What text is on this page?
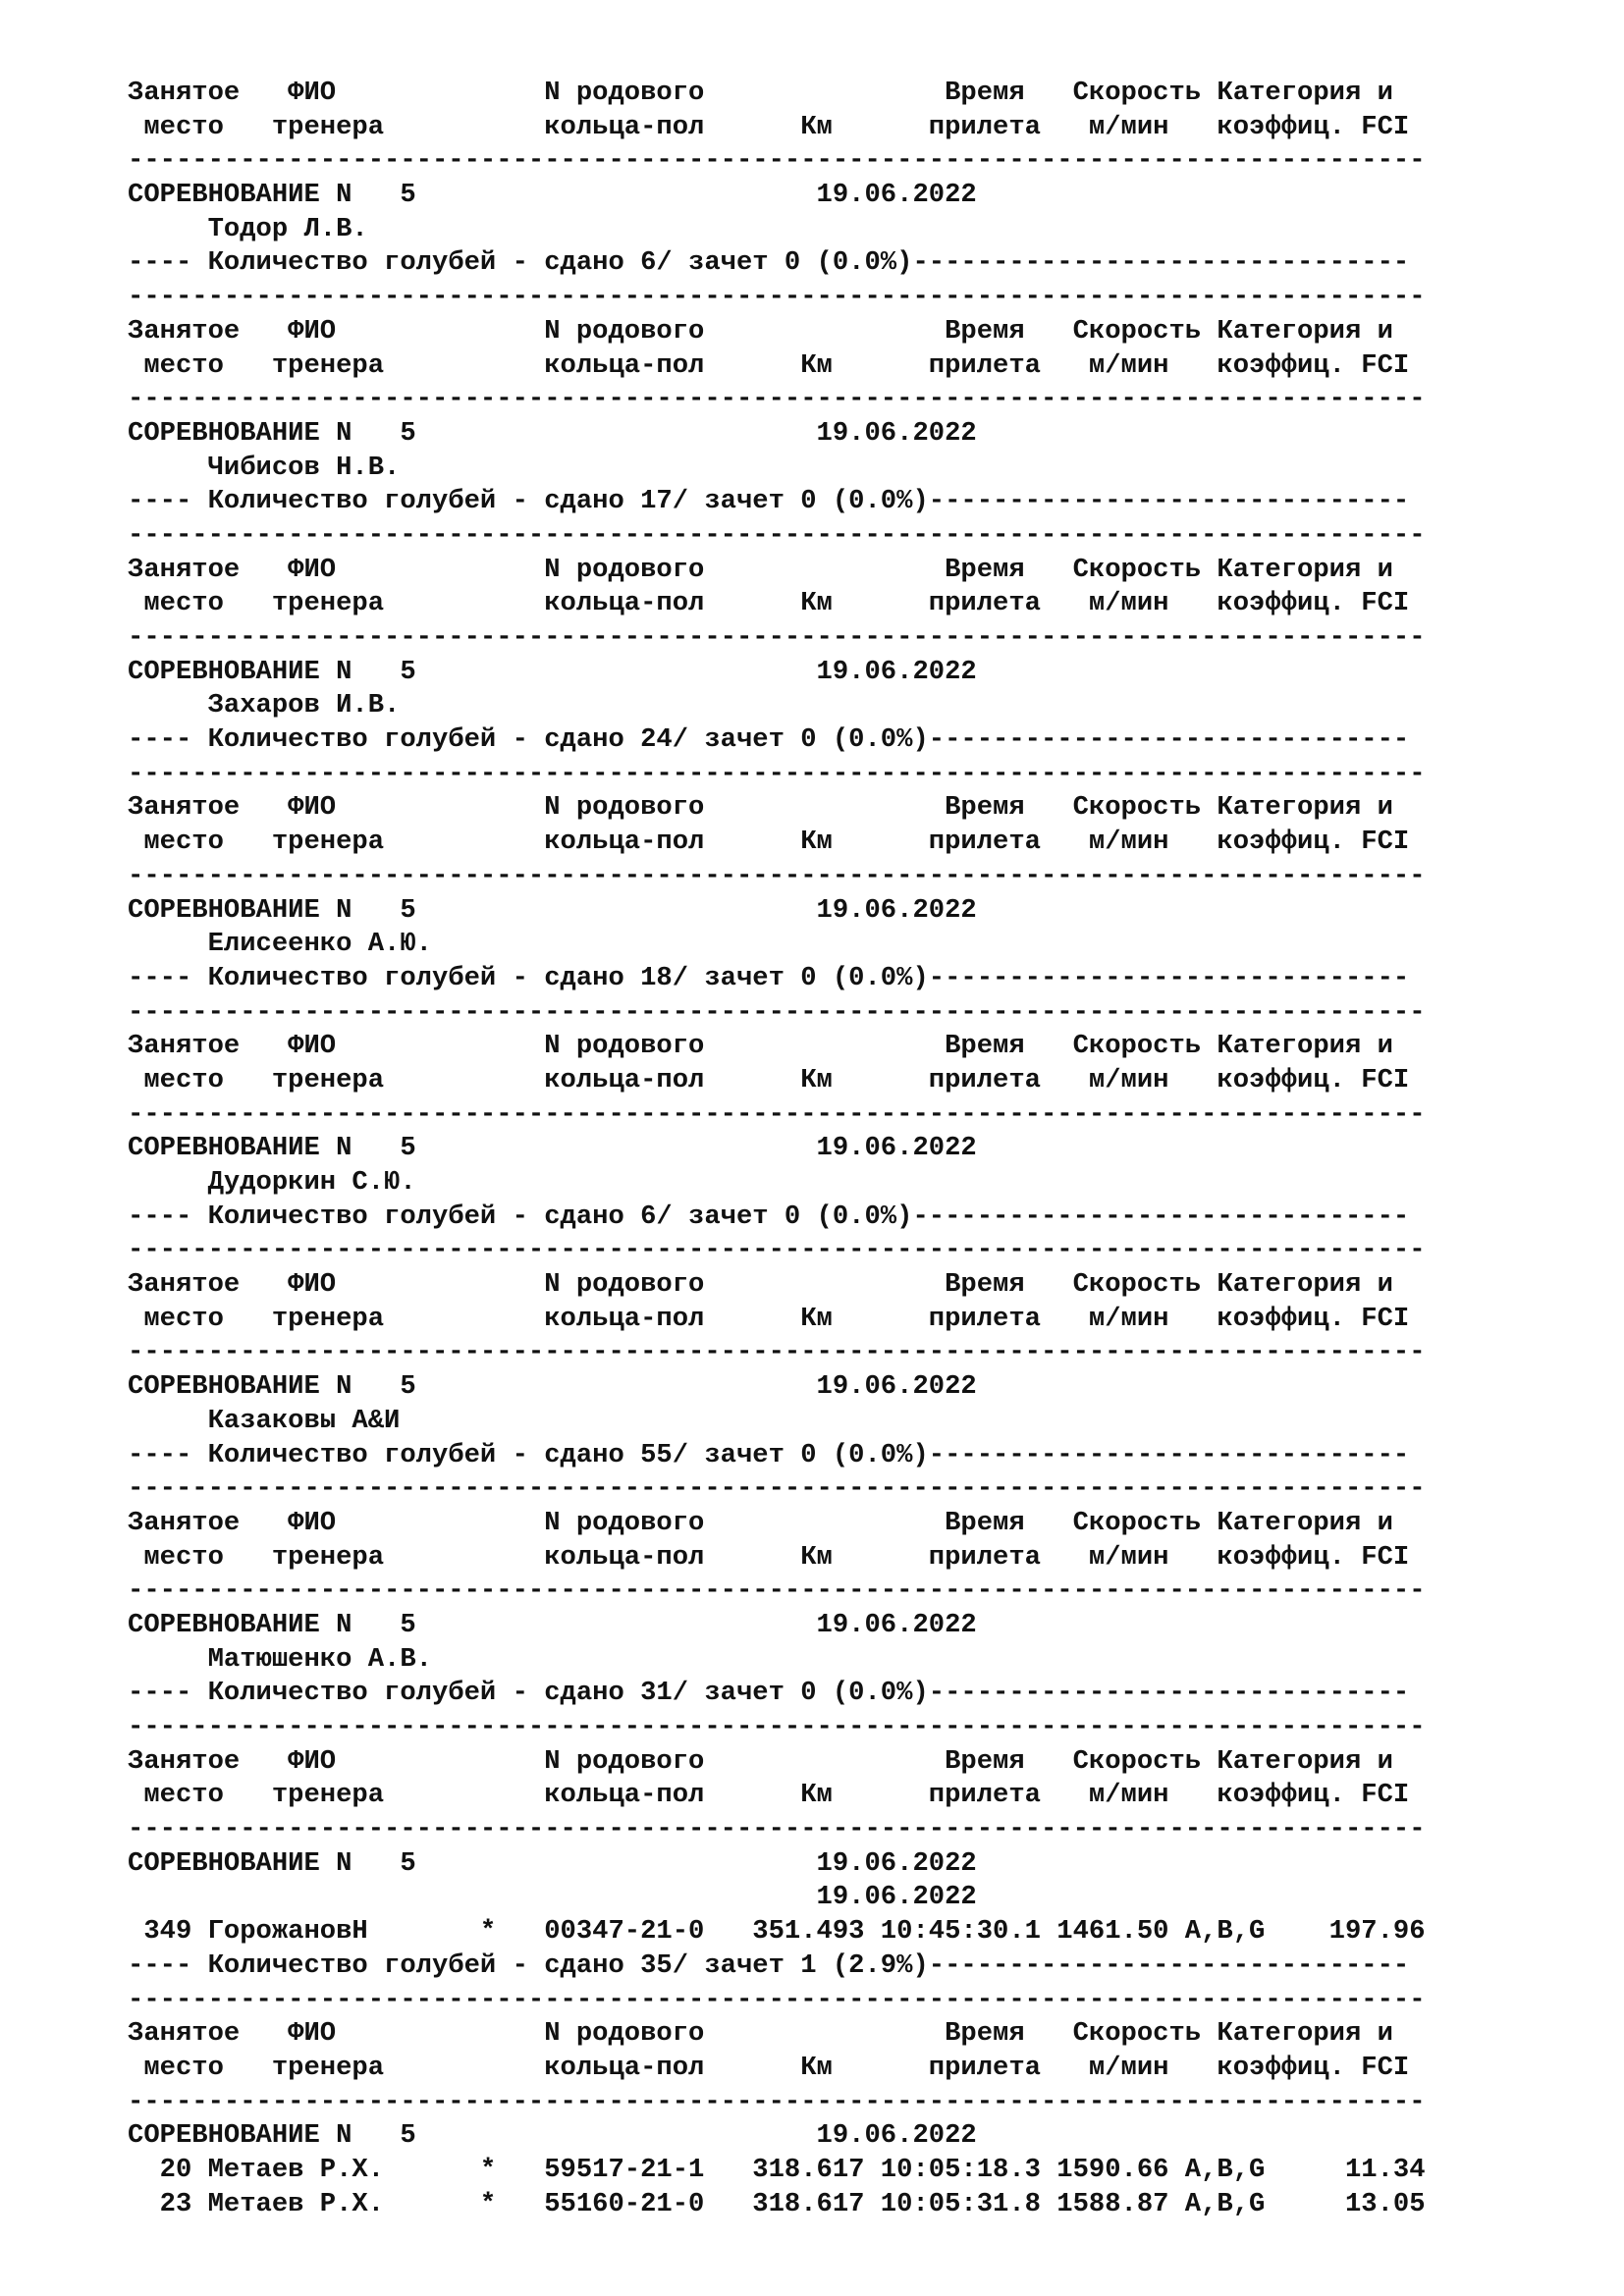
Занятое   ФИО             N родового               Время   Скорость Категория и
место   тренера          кольца-пол      Км      прилета   м/мин   коэффиц. FCI
---------------------------------------------------------------------------------
СОРЕВНОВАНИЕ N   5                         19.06.2022
Тодор Л.В.
---- Количество голубей - сдано 6/ зачет 0 (0.0%)-------------------------------
---------------------------------------------------------------------------------
Занятое   ФИО             N родового               Время   Скорость Категория и
место   тренера          кольца-пол      Км      прилета   м/мин   коэффиц. FCI
---------------------------------------------------------------------------------
СОРЕВНОВАНИЕ N   5                         19.06.2022
Чибисов Н.В.
---- Количество голубей - сдано 17/ зачет 0 (0.0%)------------------------------
---------------------------------------------------------------------------------
Занятое   ФИО             N родового               Время   Скорость Категория и
место   тренера          кольца-пол      Км      прилета   м/мин   коэффиц. FCI
---------------------------------------------------------------------------------
СОРЕВНОВАНИЕ N   5                         19.06.2022
Захаров И.В.
---- Количество голубей - сдано 24/ зачет 0 (0.0%)------------------------------
---------------------------------------------------------------------------------
Занятое   ФИО             N родового               Время   Скорость Категория и
место   тренера          кольца-пол      Км      прилета   м/мин   коэффиц. FCI
---------------------------------------------------------------------------------
СОРЕВНОВАНИЕ N   5                         19.06.2022
Елисеенко А.Ю.
---- Количество голубей - сдано 18/ зачет 0 (0.0%)------------------------------
---------------------------------------------------------------------------------
Занятое   ФИО             N родового               Время   Скорость Категория и
место   тренера          кольца-пол      Км      прилета   м/мин   коэффиц. FCI
---------------------------------------------------------------------------------
СОРЕВНОВАНИЕ N   5                         19.06.2022
Дудоркин С.Ю.
---- Количество голубей - сдано 6/ зачет 0 (0.0%)-------------------------------
---------------------------------------------------------------------------------
Занятое   ФИО             N родового               Время   Скорость Категория и
место   тренера          кольца-пол      Км      прилета   м/мин   коэффиц. FCI
---------------------------------------------------------------------------------
СОРЕВНОВАНИЕ N   5                         19.06.2022
Казаковы А&И
---- Количество голубей - сдано 55/ зачет 0 (0.0%)------------------------------
---------------------------------------------------------------------------------
Занятое   ФИО             N родового               Время   Скорость Категория и
место   тренера          кольца-пол      Км      прилета   м/мин   коэффиц. FCI
---------------------------------------------------------------------------------
СОРЕВНОВАНИЕ N   5                         19.06.2022
Матюшенко А.В.
---- Количество голубей - сдано 31/ зачет 0 (0.0%)------------------------------
---------------------------------------------------------------------------------
Занятое   ФИО             N родового               Время   Скорость Категория и
место   тренера          кольца-пол      Км      прилета   м/мин   коэффиц. FCI
---------------------------------------------------------------------------------
СОРЕВНОВАНИЕ N   5                         19.06.2022
19.06.2022
349 ГорожановН       *   00347-21-0   351.493 10:45:30.1 1461.50 A,B,G    197.96
---- Количество голубей - сдано 35/ зачет 1 (2.9%)------------------------------
---------------------------------------------------------------------------------
Занятое   ФИО             N родового               Время   Скорость Категория и
место   тренера          кольца-пол      Км      прилета   м/мин   коэффиц. FCI
---------------------------------------------------------------------------------
СОРЕВНОВАНИЕ N   5                         19.06.2022
20 Метаев Р.Х.      *   59517-21-1   318.617 10:05:18.3 1590.66 A,B,G     11.34
23 Метаев Р.Х.      *   55160-21-0   318.617 10:05:31.8 1588.87 A,B,G     13.05
